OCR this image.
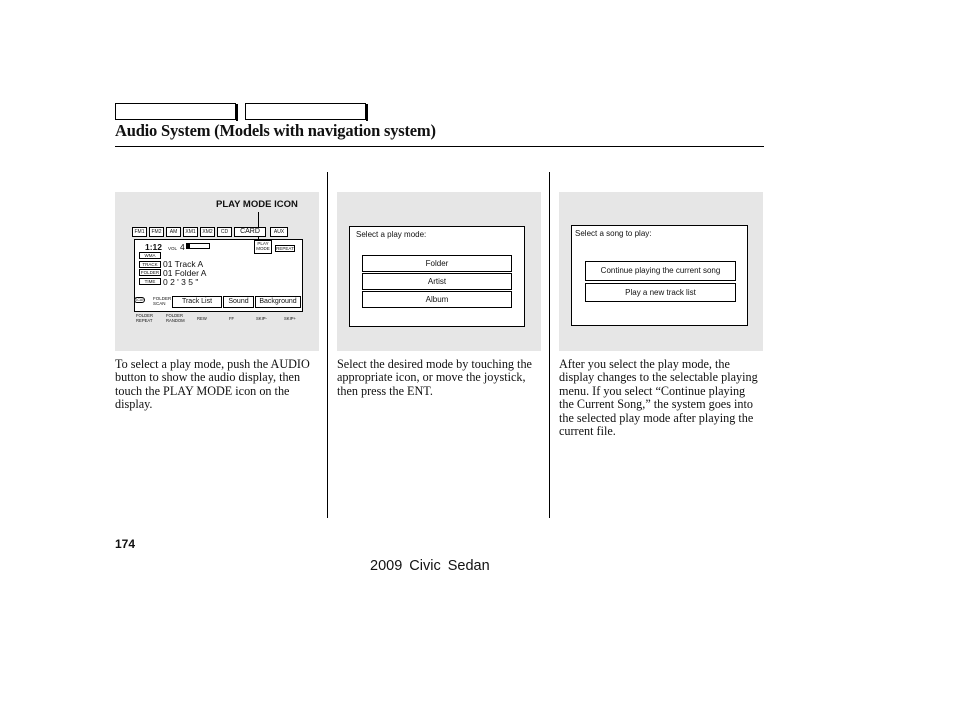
Audio System (Models with navigation system)
PLAY MODE ICON
FM1	FM2	AM	XM1	XM2	CD	CARD	AUX
1:12 VOL 4	PLAY MODE	REPEAT
WMA
TRACK
FOLDER
TIME
01 Track A
01 Folder A
0 2 ' 3 5 "
SCAN FOLDER SCAN	Track List	Sound	Background
FOLDER REPEAT
FOLDER RANDOM	REW	FF	SKIP-	SKIP+
Select a play mode:
Folder
Artist
Album
Select a song to play:
Continue playing the current song
Play a new track list
To select a play mode, push the AUDIO button to show the audio display, then touch the PLAY MODE icon on the display.
Select the desired mode by touching the appropriate icon, or move the joystick, then press the ENT.
After you select the play mode, the display changes to the selectable playing menu. If you select “Continue playing the Current Song,” the system goes into the selected play mode after playing the current file.
174
2009 Civic Sedan
